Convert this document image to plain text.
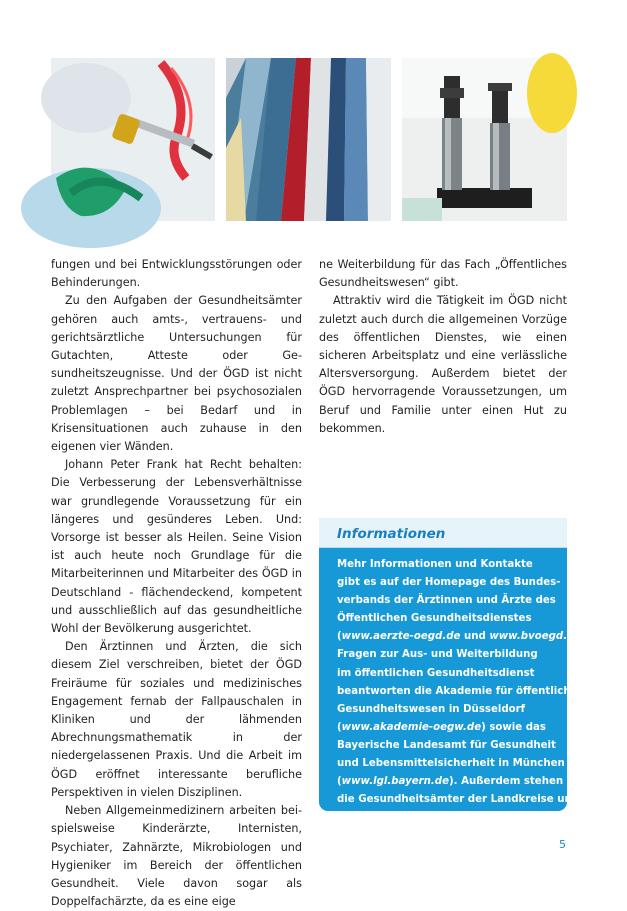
fungen und bei Entwicklungsstörungen oder Behinderungen.

Zu den Aufgaben der Gesundheitsämter gehören auch amts-, vertrauens- und gerichtsärztliche Untersuchungen für Gutachten, Atteste oder Gesundheitszeugnisse. Und der ÖGD ist nicht zuletzt Ansprechpartner bei psychosozialen Problemlagen – bei Bedarf und in Krisensituationen auch zuhause in den eigenen vier Wänden.

Johann Peter Frank hat Recht behalten: Die Verbesserung der Lebensverhältnisse war grundlegende Voraussetzung für ein längeres und gesünderes Leben. Und: Vorsorge ist besser als Heilen. Seine Vision ist auch heute noch Grundlage für die Mitarbeiterinnen und Mitarbeiter des ÖGD in Deutschland - flächendeckend, kompetent und ausschließlich auf das gesundheitliche Wohl der Bevölkerung ausgerichtet.

Den Ärztinnen und Ärzten, die sich diesem Ziel verschreiben, bietet der ÖGD Freiräume für soziales und medizinisches Engagement fernab der Fallpauschalen in Kliniken und der lähmenden Abrechnungsmathematik in der niedergelassenen Praxis. Und die Arbeit im ÖGD eröffnet interessante berufliche Perspektiven in vielen Disziplinen.

Neben Allgemeinmedizinern arbeiten beispielsweise Kinderärzte, Internisten, Psychiater, Zahnärzte, Mikrobiologen und Hygieniker im Bereich der öffentlichen Gesundheit. Viele davon sogar als Doppelfachärzte, da es eine eige

ne Weiterbildung für das Fach „Öffentliches Gesundheitswesen“ gibt.

Attraktiv wird die Tätigkeit im ÖGD nicht zuletzt auch durch die allgemeinen Vorzüge des öffentlichen Dienstes, wie einen sicheren Arbeitsplatz und eine verlässliche Altersversorgung. Außerdem bietet der ÖGD hervorragende Voraussetzungen, um Beruf und Familie unter einen Hut zu bekommen.

Informationen
Mehr Informationen und Kontakte
gibt es auf der Homepage des Bundes-
verbands der Ärztinnen und Ärzte des
Öffentlichen Gesundheitsdienstes
(www.aerzte-oegd.de und www.bvoegd.de).
Fragen zur Aus- und Weiterbildung
im öffentlichen Gesundheitsdienst
beantworten die Akademie für öffentliches
Gesundheitswesen in Düsseldorf
(www.akademie-oegw.de) sowie das
Bayerische Landesamt für Gesundheit
und Lebensmittelsicherheit in München
(www.lgl.bayern.de). Außerdem stehen
die Gesundheitsämter der Landkreise und
kreisfreien Städte für Fragen zur Verfügung.
5
